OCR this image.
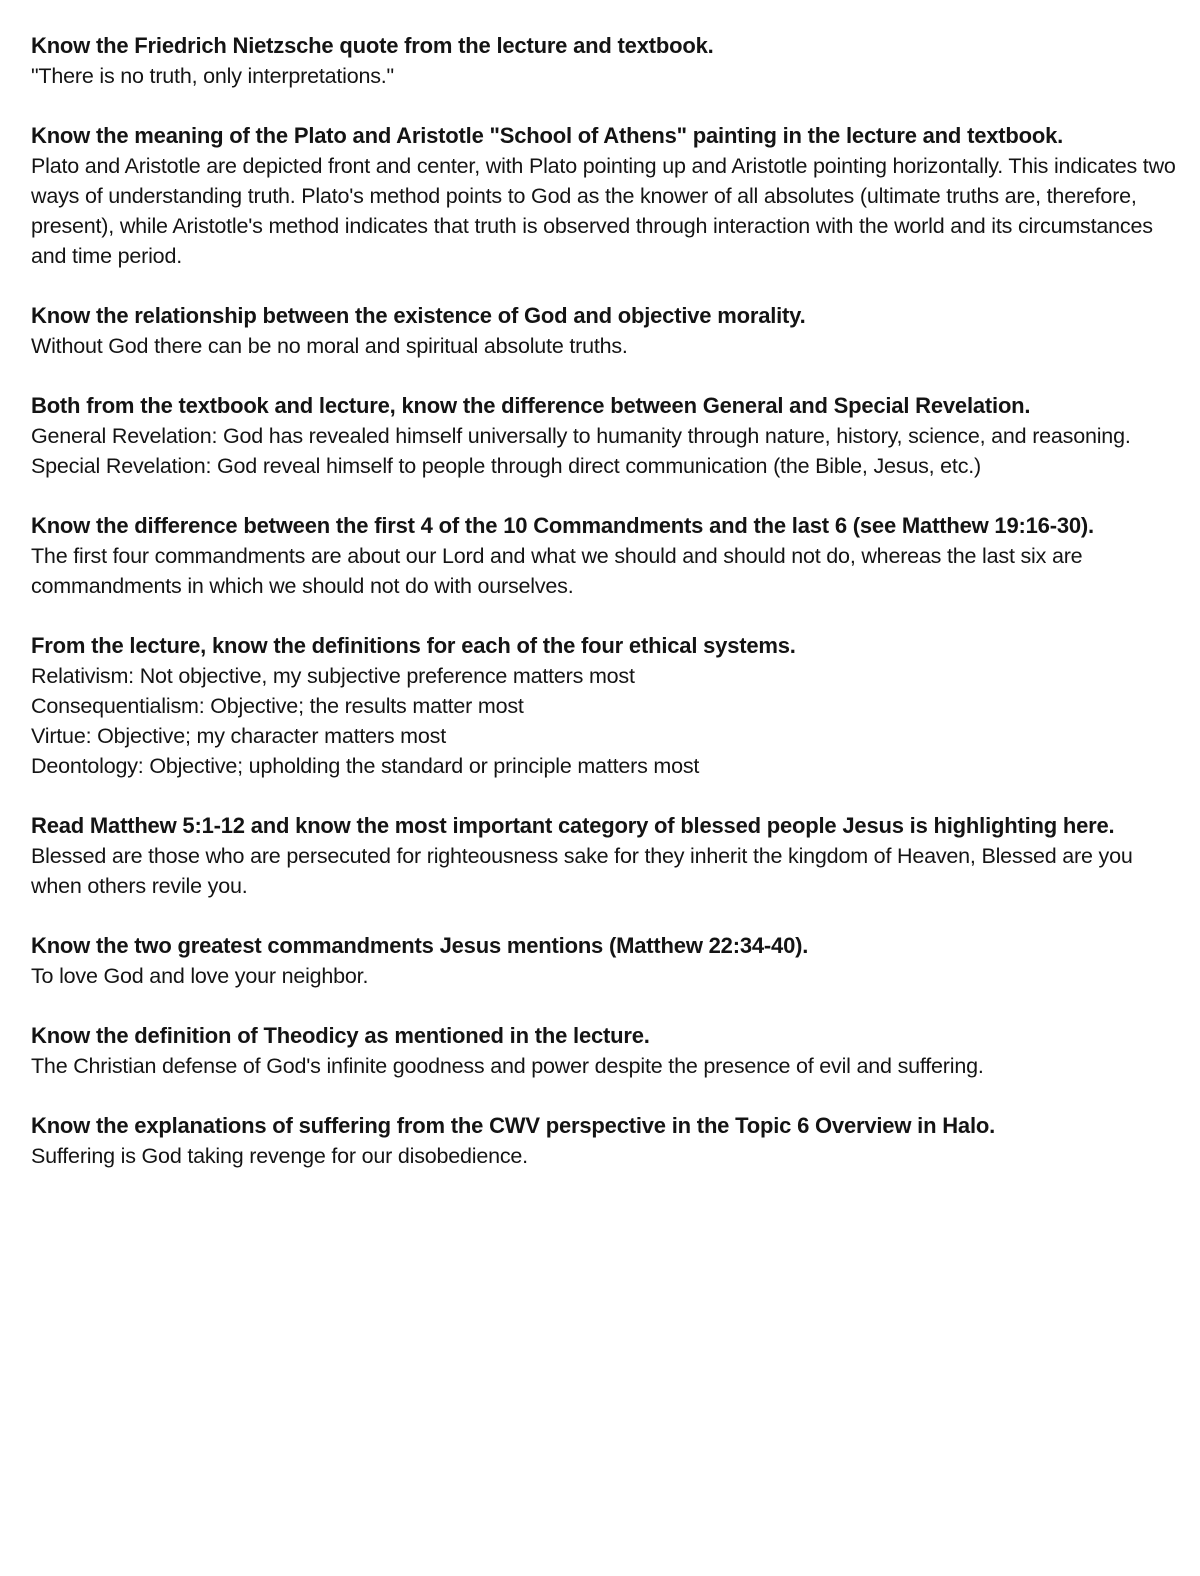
Know the Friedrich Nietzsche quote from the lecture and textbook.

"There is no truth, only interpretations."

Know the meaning of the Plato and Aristotle "School of Athens" painting in the lecture and textbook.

Plato and Aristotle are depicted front and center, with Plato pointing up and Aristotle pointing horizontally. This indicates two ways of understanding truth. Plato's method points to God as the knower of all absolutes (ultimate truths are, therefore, present), while Aristotle's method indicates that truth is observed through interaction with the world and its circumstances and time period.

Know the relationship between the existence of God and objective morality.

Without God there can be no moral and spiritual absolute truths.

Both from the textbook and lecture, know the difference between General and Special Revelation.

General Revelation: God has revealed himself universally to humanity through nature, history, science, and reasoning. Special Revelation: God reveal himself to people through direct communication (the Bible, Jesus, etc.)

Know the difference between the first 4 of the 10 Commandments and the last 6 (see Matthew 19:16-30).

The first four commandments are about our Lord and what we should and should not do, whereas the last six are commandments in which we should not do with ourselves.

From the lecture, know the definitions for each of the four ethical systems.

Relativism: Not objective, my subjective preference matters most
Consequentialism: Objective; the results matter most
Virtue: Objective; my character matters most
Deontology: Objective; upholding the standard or principle matters most

Read Matthew 5:1-12 and know the most important category of blessed people Jesus is highlighting here.

Blessed are those who are persecuted for righteousness sake for they inherit the kingdom of Heaven, Blessed are you when others revile you.

Know the two greatest commandments Jesus mentions (Matthew 22:34-40).

To love God and love your neighbor.

Know the definition of Theodicy as mentioned in the lecture.

The Christian defense of God's infinite goodness and power despite the presence of evil and suffering.

Know the explanations of suffering from the CWV perspective in the Topic 6 Overview in Halo.

Suffering is God taking revenge for our disobedience.
